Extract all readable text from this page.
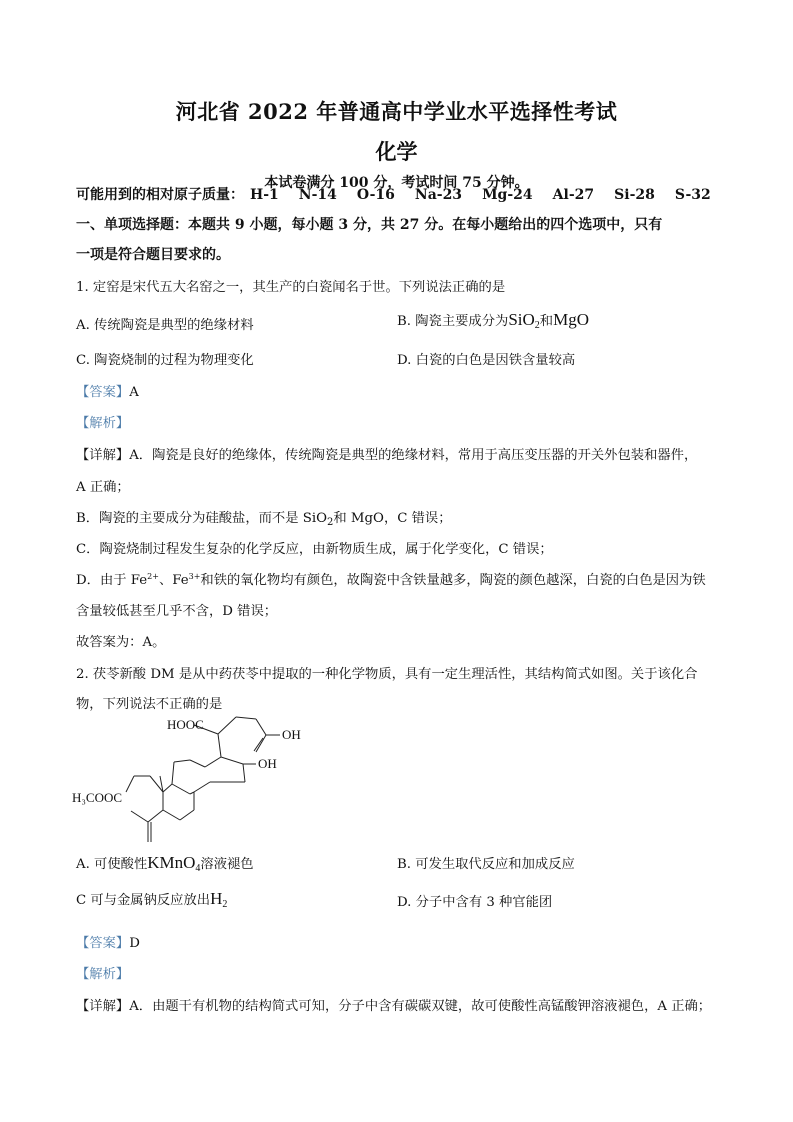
河北省 2022 年普通高中学业水平选择性考试
化学
本试卷满分 100 分，考试时间 75 分钟。
可能用到的相对原子质量： H-1 N-14 O-16 Na-23 Mg-24 Al-27 Si-28 S-32
一、单项选择题：本题共 9 小题，每小题 3 分，共 27 分。在每小题给出的四个选项中，只有
一项是符合题目要求的。
1. 定窑是宋代五大名窑之一，其生产的白瓷闻名于世。下列说法正确的是
A. 传统陶瓷是典型的绝缘材料	B. 陶瓷主要成分为SiO$_2$和MgO
C. 陶瓷烧制的过程为物理变化	D. 白瓷的白色是因铁含量较高
【答案】A
【解析】
【详解】A．陶瓷是良好的绝缘体，传统陶瓷是典型的绝缘材料，常用于高压变压器的开关外包装和器件，
A 正确；
B．陶瓷的主要成分为硅酸盐，而不是 SiO$_2$和 MgO，C 错误；
C．陶瓷烧制过程发生复杂的化学反应，由新物质生成，属于化学变化，C 错误；
D．由于 $Fe^{2+}$、$Fe^{3+}$和铁的氧化物均有颜色，故陶瓷中含铁量越多，陶瓷的颜色越深，白瓷的白色是因为铁
含量较低甚至几乎不含，D 错误；
故答案为：A。
2. 茯苓新酸 DM 是从中药茯苓中提取的一种化学物质，具有一定生理活性，其结构简式如图。关于该化合
物，下列说法不正确的是
HOOC
OH
OH
H₃COOC
A. 可使酸性KMnO$_4$溶液褪色	B. 可发生取代反应和加成反应
C 可与金属钠反应放出$H_2$	D. 分子中含有 3 种官能团
【答案】D
【解析】
【详解】A．由题干有机物的结构简式可知，分子中含有碳碳双键，故可使酸性高锰酸钾溶液褪色，A 正确；
